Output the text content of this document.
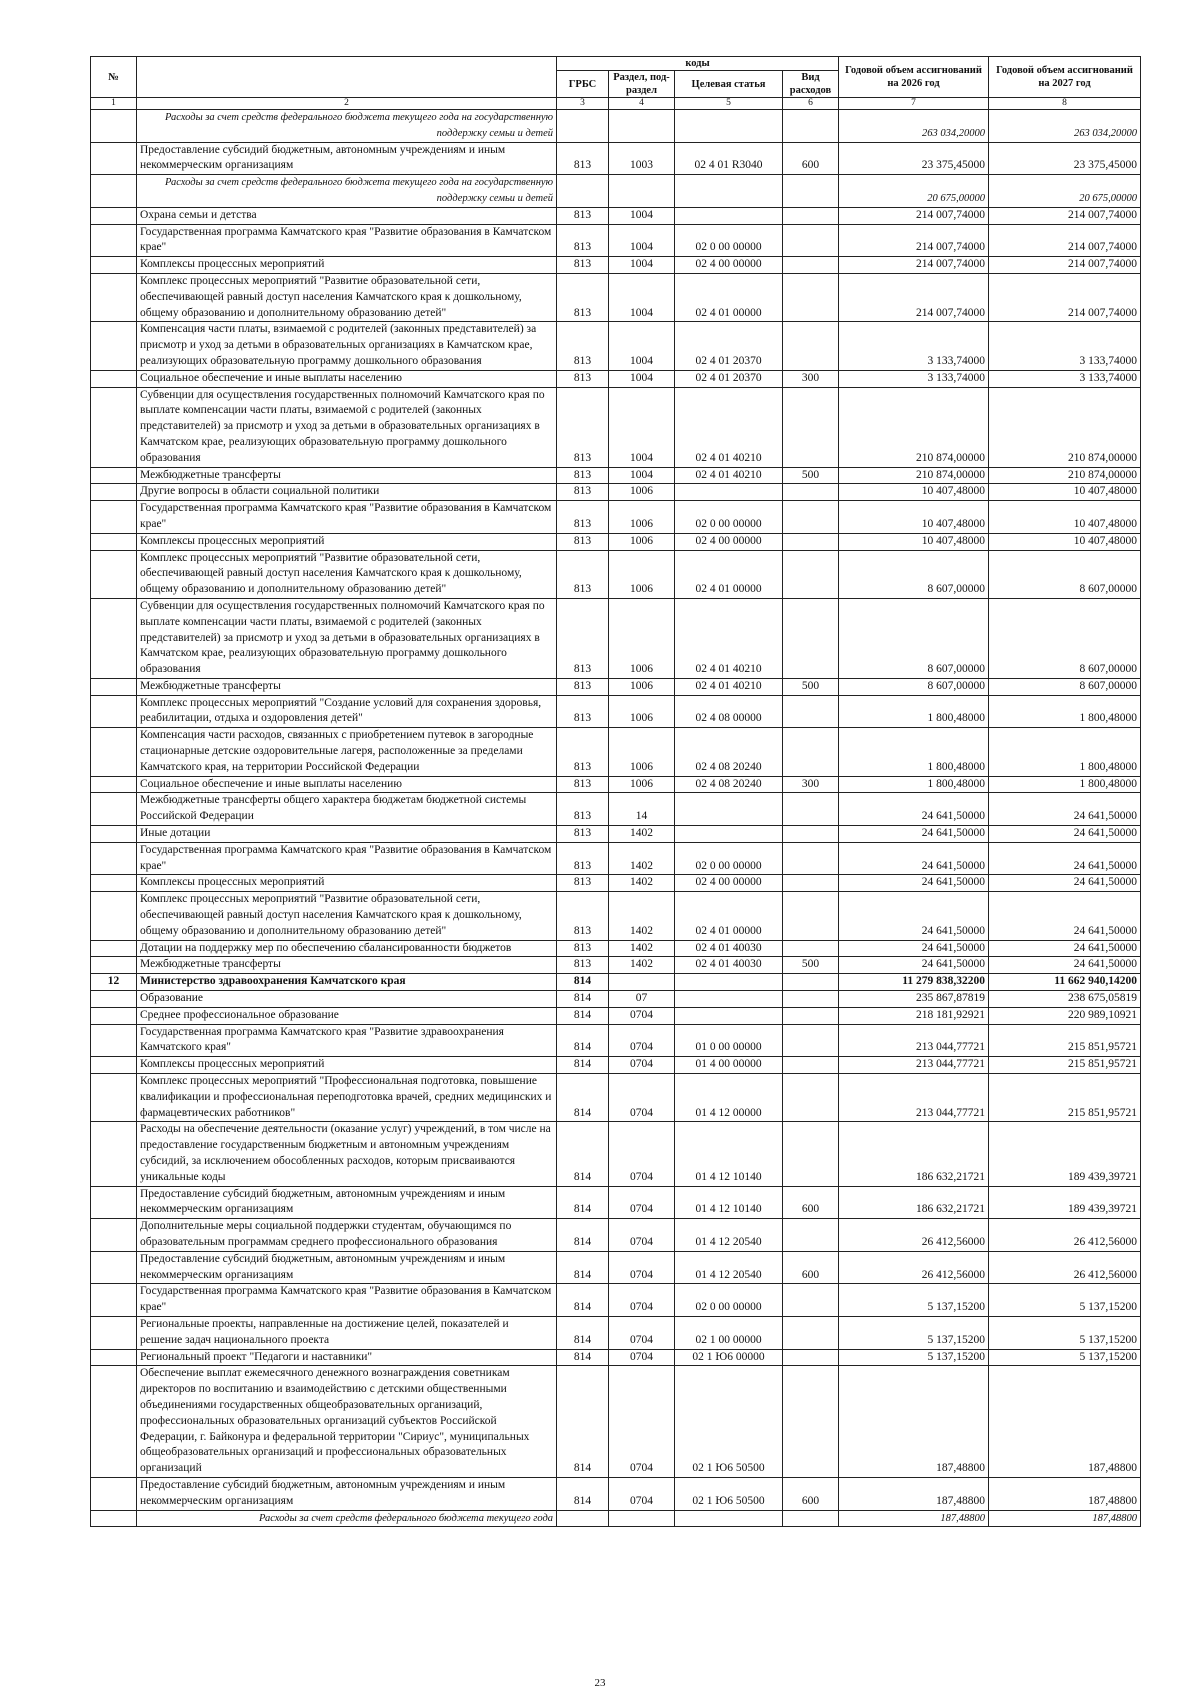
№		коды				Годовой объем ассигнований на 2026 год	Годовой объем ассигнований на 2027 год
		ГРБС	Раздел, под-раздел	Целевая статья	Вид расходов		
1	2	3	4	5	6	7	8
	Расходы за счет средств федерального бюджета текущего года на государственную поддержку семьи и детей					263 034,20000	263 034,20000
	Предоставление субсидий бюджетным, автономным учреждениям и иным некоммерческим организациям	813	1003	02 4 01 R3040	600	23 375,45000	23 375,45000
	Расходы за счет средств федерального бюджета текущего года на государственную поддержку семьи и детей					20 675,00000	20 675,00000
	Охрана семьи и детства	813	1004			214 007,74000	214 007,74000
	Государственная программа Камчатского края "Развитие образования в Камчатском крае"	813	1004	02 0 00 00000		214 007,74000	214 007,74000
	Комплексы процессных мероприятий	813	1004	02 4 00 00000		214 007,74000	214 007,74000
	Комплекс процессных мероприятий "Развитие образовательной сети, обеспечивающей равный доступ населения Камчатского края к дошкольному, общему образованию и дополнительному образованию детей"	813	1004	02 4 01 00000		214 007,74000	214 007,74000
	Компенсация части платы, взимаемой с родителей (законных представителей) за присмотр и уход за детьми в образовательных организациях в Камчатском крае, реализующих образовательную программу дошкольного образования	813	1004	02 4 01 20370		3 133,74000	3 133,74000
	Социальное обеспечение и иные выплаты населению	813	1004	02 4 01 20370	300	3 133,74000	3 133,74000
	Субвенции для осуществления государственных полномочий Камчатского края по выплате компенсации части платы, взимаемой с родителей (законных представителей) за присмотр и уход за детьми в образовательных организациях в Камчатском крае, реализующих образовательную программу дошкольного образования	813	1004	02 4 01 40210		210 874,00000	210 874,00000
	Межбюджетные трансферты	813	1004	02 4 01 40210	500	210 874,00000	210 874,00000
	Другие вопросы в области социальной политики	813	1006			10 407,48000	10 407,48000
	Государственная программа Камчатского края "Развитие образования в Камчатском крае"	813	1006	02 0 00 00000		10 407,48000	10 407,48000
	Комплексы процессных мероприятий	813	1006	02 4 00 00000		10 407,48000	10 407,48000
	Комплекс процессных мероприятий "Развитие образовательной сети, обеспечивающей равный доступ населения Камчатского края к дошкольному, общему образованию и дополнительному образованию детей"	813	1006	02 4 01 00000		8 607,00000	8 607,00000
	Субвенции для осуществления государственных полномочий Камчатского края по выплате компенсации части платы, взимаемой с родителей (законных представителей) за присмотр и уход за детьми в образовательных организациях в Камчатском крае, реализующих образовательную программу дошкольного образования	813	1006	02 4 01 40210		8 607,00000	8 607,00000
	Межбюджетные трансферты	813	1006	02 4 01 40210	500	8 607,00000	8 607,00000
	Комплекс процессных мероприятий "Создание условий для сохранения здоровья, реабилитации, отдыха и оздоровления детей"	813	1006	02 4 08 00000		1 800,48000	1 800,48000
	Компенсация части расходов, связанных с приобретением путевок в загородные стационарные детские оздоровительные лагеря, расположенные за пределами Камчатского края, на территории Российской Федерации	813	1006	02 4 08 20240		1 800,48000	1 800,48000
	Социальное обеспечение и иные выплаты населению	813	1006	02 4 08 20240	300	1 800,48000	1 800,48000
	Межбюджетные трансферты общего характера бюджетам бюджетной системы Российской Федерации	813	14			24 641,50000	24 641,50000
	Иные дотации	813	1402			24 641,50000	24 641,50000
	Государственная программа Камчатского края "Развитие образования в Камчатском крае"	813	1402	02 0 00 00000		24 641,50000	24 641,50000
	Комплексы процессных мероприятий	813	1402	02 4 00 00000		24 641,50000	24 641,50000
	Комплекс процессных мероприятий "Развитие образовательной сети, обеспечивающей равный доступ населения Камчатского края к дошкольному, общему образованию и дополнительному образованию детей"	813	1402	02 4 01 00000		24 641,50000	24 641,50000
	Дотации на поддержку мер по обеспечению сбалансированности бюджетов	813	1402	02 4 01 40030		24 641,50000	24 641,50000
	Межбюджетные трансферты	813	1402	02 4 01 40030	500	24 641,50000	24 641,50000
12	Министерство здравоохранения Камчатского края	814				11 279 838,32200	11 662 940,14200
	Образование	814	07			235 867,87819	238 675,05819
	Среднее профессиональное образование	814	0704			218 181,92921	220 989,10921
	Государственная программа Камчатского края "Развитие здравоохранения Камчатского края"	814	0704	01 0 00 00000		213 044,77721	215 851,95721
	Комплексы процессных мероприятий	814	0704	01 4 00 00000		213 044,77721	215 851,95721
	Комплекс процессных мероприятий "Профессиональная подготовка, повышение квалификации и профессиональная переподготовка врачей, средних медицинских и фармацевтических работников"	814	0704	01 4 12 00000		213 044,77721	215 851,95721
	Расходы на обеспечение деятельности (оказание услуг) учреждений, в том числе на предоставление государственным бюджетным и автономным учреждениям субсидий, за исключением обособленных расходов, которым присваиваются уникальные коды	814	0704	01 4 12 10140		186 632,21721	189 439,39721
	Предоставление субсидий бюджетным, автономным учреждениям и иным некоммерческим организациям	814	0704	01 4 12 10140	600	186 632,21721	189 439,39721
	Дополнительные меры социальной поддержки студентам, обучающимся по образовательным программам среднего профессионального образования	814	0704	01 4 12 20540		26 412,56000	26 412,56000
	Предоставление субсидий бюджетным, автономным учреждениям и иным некоммерческим организациям	814	0704	01 4 12 20540	600	26 412,56000	26 412,56000
	Государственная программа Камчатского края "Развитие образования в Камчатском крае"	814	0704	02 0 00 00000		5 137,15200	5 137,15200
	Региональные проекты, направленные на достижение целей, показателей и решение задач национального проекта	814	0704	02 1 00 00000		5 137,15200	5 137,15200
	Региональный проект "Педагоги и наставники"	814	0704	02 1 Ю6 00000		5 137,15200	5 137,15200
	Обеспечение выплат ежемесячного денежного вознаграждения советникам директоров по воспитанию и взаимодействию с детскими общественными объединениями государственных общеобразовательных организаций, профессиональных образовательных организаций субъектов Российской Федерации, г. Байконура и федеральной территории "Сириус", муниципальных общеобразовательных организаций и профессиональных образовательных организаций	814	0704	02 1 Ю6 50500		187,48800	187,48800
	Предоставление субсидий бюджетным, автономным учреждениям и иным некоммерческим организациям	814	0704	02 1 Ю6 50500	600	187,48800	187,48800
	Расходы за счет средств федерального бюджета текущего года					187,48800	187,48800
23
